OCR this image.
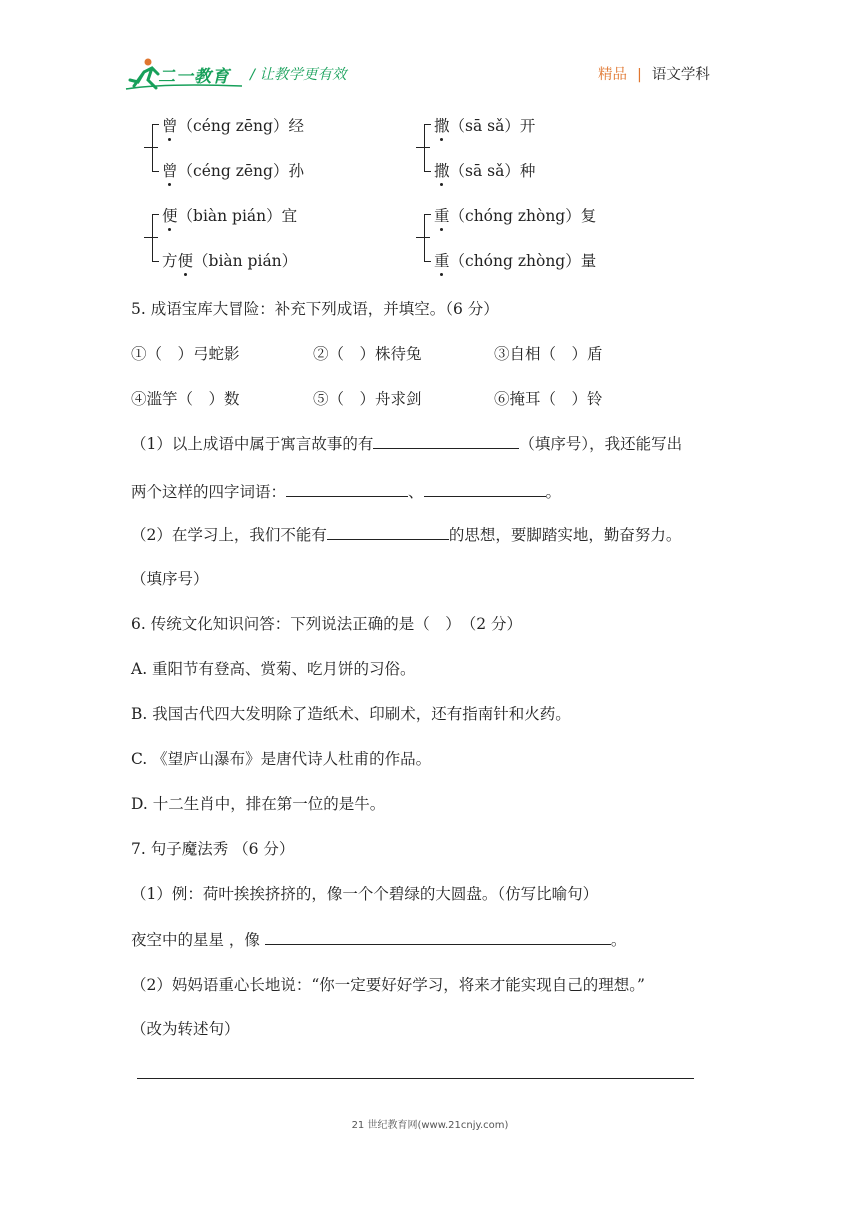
二一教育 / 让教学更有效	精品 | 语文学科
曾（céng zēng）经
曾（céng zēng）孙
撒（sā sǎ）开
撒（sā sǎ）种
便（biàn pián）宜
方便（biàn pián）
重（chóng zhòng）复
重（chóng zhòng）量
5. 成语宝库大冒险：补充下列成语，并填空。（6 分）
①（　）弓蛇影	②（　）株待兔	③自相（　）盾
④滥竽（　）数	⑤（　）舟求剑	⑥掩耳（　）铃
（1）以上成语中属于寓言故事的有	（填序号），我还能写出
两个这样的四字词语：	、	。
（2）在学习上，我们不能有	的思想，要脚踏实地，勤奋努力。
（填序号）
6. 传统文化知识问答：下列说法正确的是（　）　（2 分）
A. 重阳节有登高、赏菊、吃月饼的习俗。
B. 我国古代四大发明除了造纸术、印刷术，还有指南针和火药。
C. 《望庐山瀑布》是唐代诗人杜甫的作品。
D. 十二生肖中，排在第一位的是牛。
7. 句子魔法秀 （6 分）
（1）例：荷叶挨挨挤挤的，像一个个碧绿的大圆盘。（仿写比喻句）
夜空中的星星 ，像	。
（2）妈妈语重心长地说：“你一定要好好学习，将来才能实现自己的理想。”
（改为转述句）
21 世纪教育网(www.21cnjy.com)
